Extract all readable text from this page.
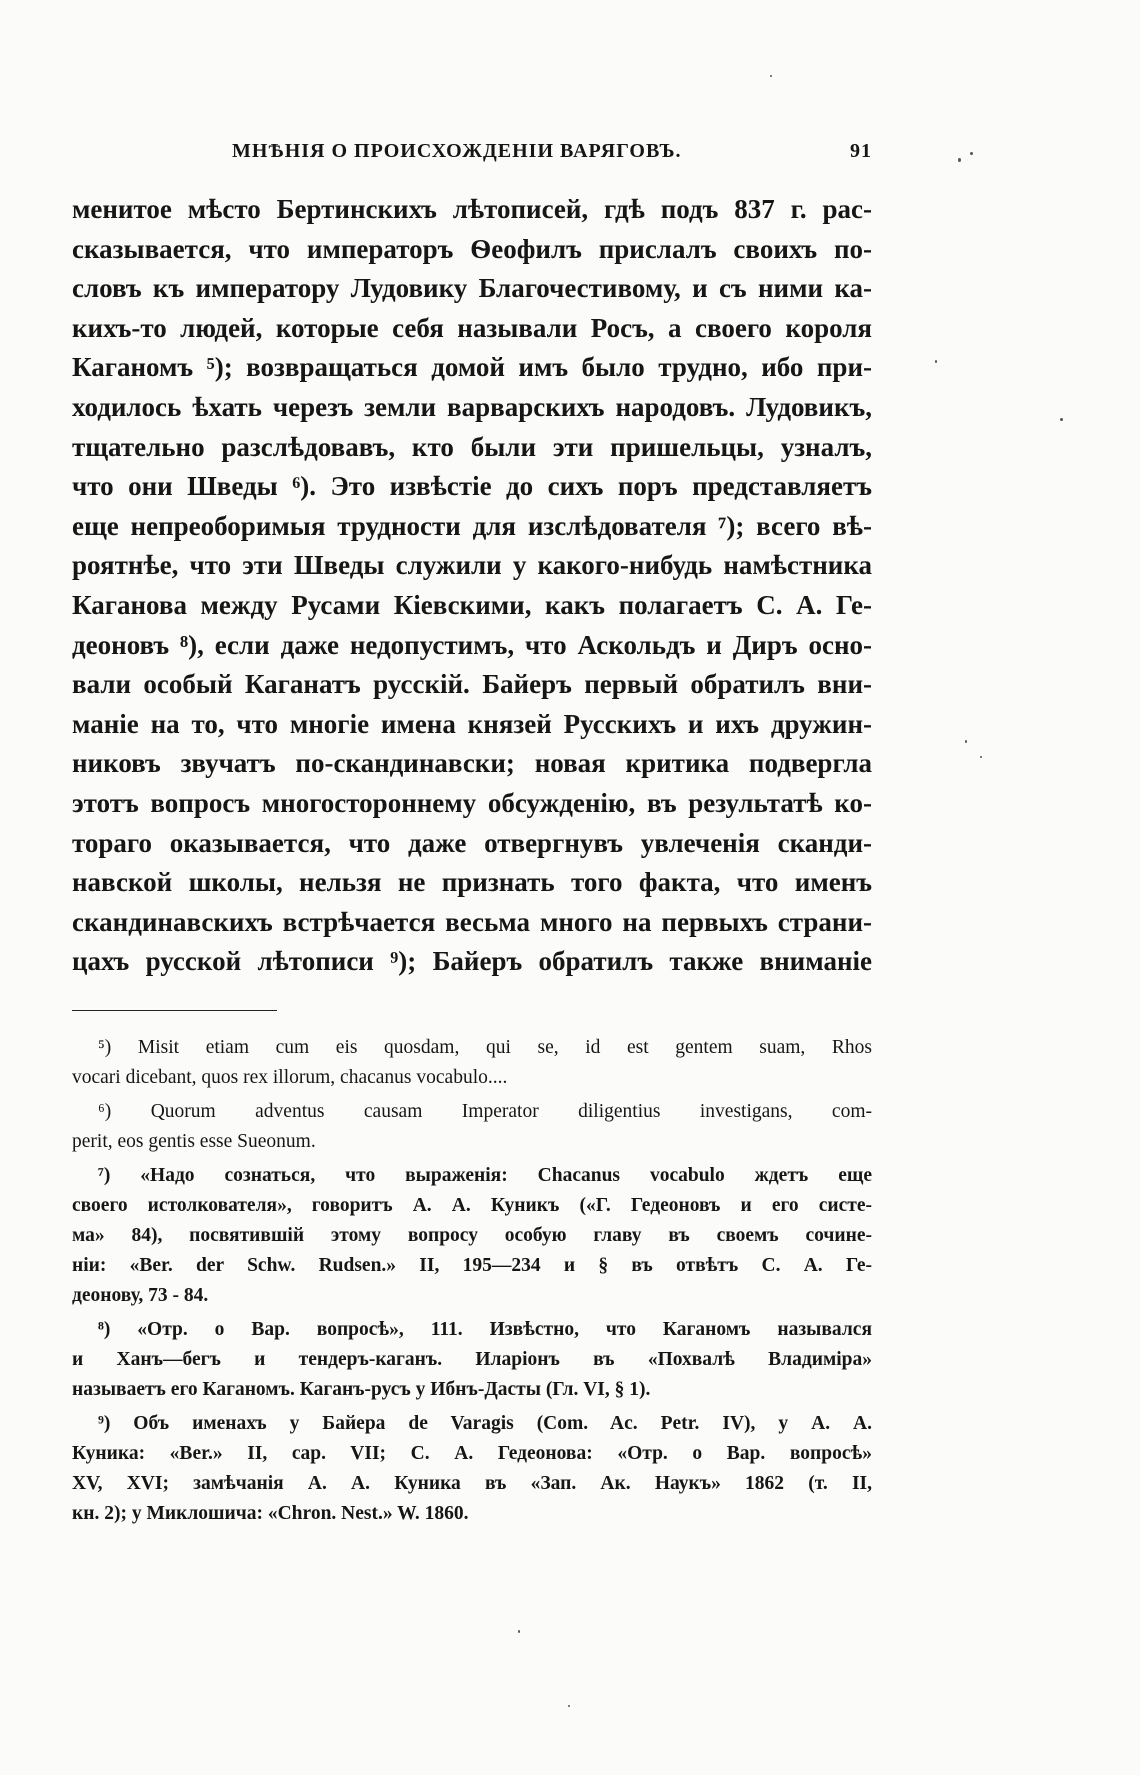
МНѢНІЯ О ПРОИСХОЖДЕНІИ ВАРЯГОВЪ.	91
менитое мѣсто Бертинскихъ лѣтописей, гдѣ подъ 837 г. рас-
сказывается, что императоръ Ѳеофилъ прислалъ своихъ по-
словъ къ императору Лудовику Благочестивому, и съ ними ка-
кихъ-то людей, которые себя называли Росъ, а своего короля
Каганомъ ⁵); возвращаться домой имъ было трудно, ибо при-
ходилось ѣхать черезъ земли варварскихъ народовъ. Лудовикъ,
тщательно разслѣдовавъ, кто были эти пришельцы, узналъ,
что они Шведы ⁶). Это извѣстіе до сихъ поръ представляетъ
еще непреоборимыя трудности для изслѣдователя ⁷); всего вѣ-
роятнѣе, что эти Шведы служили у какого-нибудь намѣстника
Каганова между Русами Кіевскими, какъ полагаетъ С. А. Ге-
деоновъ ⁸), если даже недопустимъ, что Аскольдъ и Диръ осно-
вали особый Каганатъ русскій. Байеръ первый обратилъ вни-
маніе на то, что многіе имена князей Русскихъ и ихъ дружин-
никовъ звучатъ по-скандинавски; новая критика подвергла
этотъ вопросъ многостороннему обсужденію, въ результатѣ ко-
тораго оказывается, что даже отвергнувъ увлеченія сканди-
навской школы, нельзя не признать того факта, что именъ
скандинавскихъ встрѣчается весьма много на первыхъ страни-
цахъ русской лѣтописи ⁹); Байеръ обратилъ также вниманіе
⁵) Misit etiam cum eis quosdam, qui se, id est gentem suam, Rhos
vocari dicebant, quos rex illorum, chacanus vocabulo....
⁶) Quorum adventus causam Imperator diligentius investigans, com-
perit, eos gentis esse Sueonum.
⁷) «Надо сознаться, что выраженія: Chacanus vocabulo ждетъ еще
своего истолкователя», говоритъ А. А. Куникъ («Г. Гедеоновъ и его систе-
ма» 84), посвятившій этому вопросу особую главу въ своемъ сочине-
ніи: «Ber. der Schw. Rudsen.» II, 195—234 и § въ отвѣтъ С. А. Ге-
деонову, 73 - 84.
⁸) «Отр. о Вар. вопросѣ», 111. Извѣстно, что Каганомъ назывался
и Ханъ—бегъ и тендеръ-каганъ. Иларіонъ въ «Похвалѣ Владиміра»
называетъ его Каганомъ. Каганъ-русъ у Ибнъ-Дасты (Гл. VI, § 1).
⁹) Объ именахъ у Байера de Varagis (Com. Ac. Petr. IV), у А. А.
Куника: «Ber.» II, cap. VII; С. А. Гедеонова: «Отр. о Вар. вопросѣ»
XV, XVI; замѣчанія А. А. Куника въ «Зап. Ак. Наукъ» 1862 (т. II,
кн. 2); у Миклошича: «Chron. Nest.» W. 1860.
